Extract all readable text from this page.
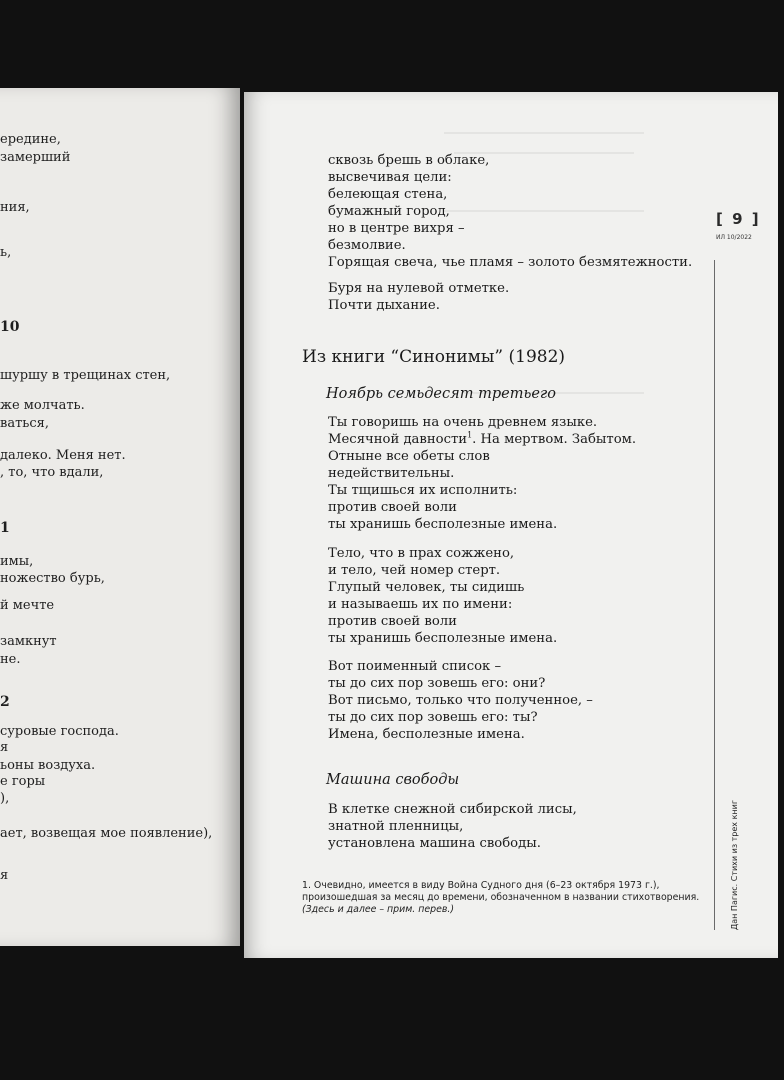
ередине,
замерший
ния,
ь,
10
шуршу в трещинах стен,
же молчать.
ваться,
далеко. Меня нет.
, то, что вдали,
1
имы,
ножество бурь,
й мечте
замкнут
не.
2
суровые господа.
я
ьоны воздуха.
е горы
),
ает, возвещая мое появление),
я
сквозь брешь в облаке,
высвечивая цели:
белеющая стена,
бумажный город,
но в центре вихря –
безмолвие.
Горящая свеча, чье пламя – золото безмятежности.
Буря на нулевой отметке.
Почти дыхание.
Из книги “Синонимы” (1982)
Ноябрь семьдесят третьего
Ты говоришь на очень древнем языке.
Месячной давности$^1$. На мертвом. Забытом.
Отныне все обеты слов
недействительны.
Ты тщишься их исполнить:
против своей воли
ты хранишь бесполезные имена.
Тело, что в прах сожжено,
и тело, чей номер стерт.
Глупый человек, ты сидишь
и называешь их по имени:
против своей воли
ты хранишь бесполезные имена.
Вот поименный список –
ты до сих пор зовешь его: они?
Вот письмо, только что полученное, –
ты до сих пор зовешь его: ты?
Имена, бесполезные имена.
Машина свободы
В клетке снежной сибирской лисы,
знатной пленницы,
установлена машина свободы.
1. Очевидно, имеется в виду Война Судного дня (6–23 октября 1973 г.), произошедшая за месяц до времени, обозначенном в названии стихотворения. (Здесь и далее – прим. перев.)
[ 9 ]
ИЛ 10/2022
Дан Пагис. Стихи из трех книг
